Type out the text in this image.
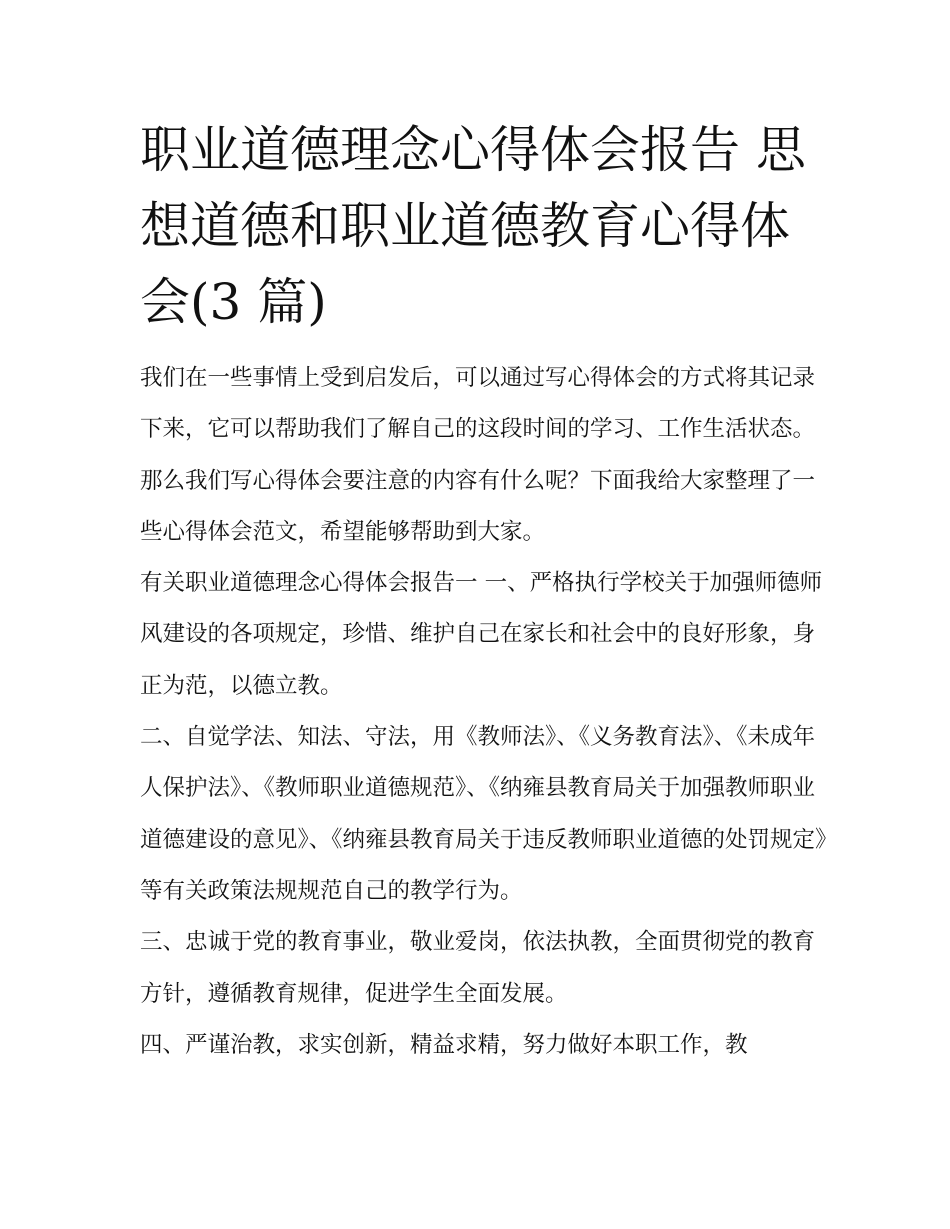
职业道德理念心得体会报告 思
想道德和职业道德教育心得体
会(3 篇)

我们在一些事情上受到启发后，可以通过写心得体会的方式将其记录下来，它可以帮助我们了解自己的这段时间的学习、工作生活状态。那么我们写心得体会要注意的内容有什么呢？下面我给大家整理了一些心得体会范文，希望能够帮助到大家。

有关职业道德理念心得体会报告一 一、严格执行学校关于加强师德师风建设的各项规定，珍惜、维护自己在家长和社会中的良好形象，身正为范，以德立教。

二、自觉学法、知法、守法，用《教师法》、《义务教育法》、《未成年人保护法》、《教师职业道德规范》、《纳雍县教育局关于加强教师职业道德建设的意见》、《纳雍县教育局关于违反教师职业道德的处罚规定》等有关政策法规规范自己的教学行为。

三、忠诚于党的教育事业，敬业爱岗，依法执教，全面贯彻党的教育方针，遵循教育规律，促进学生全面发展。

四、严谨治教，求实创新，精益求精，努力做好本职工作，教
